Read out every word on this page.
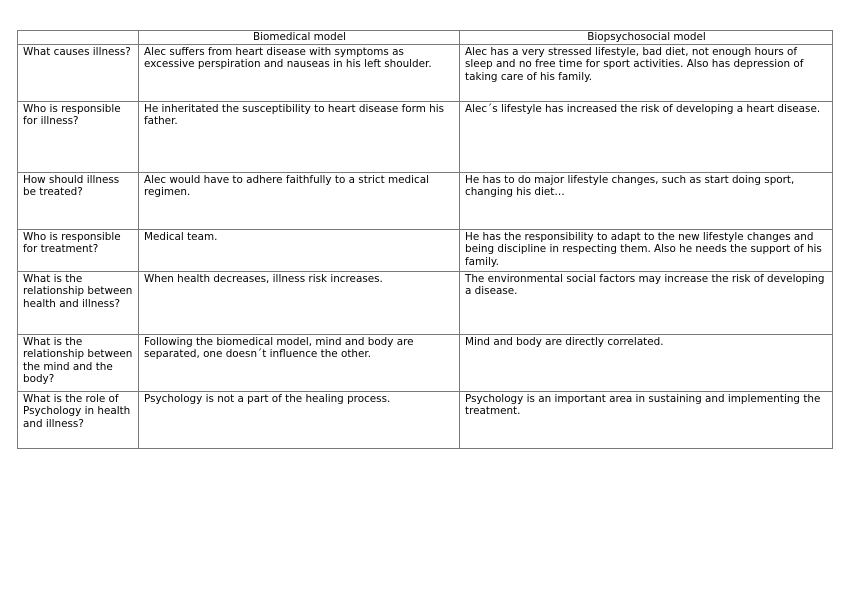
	Biomedical model	Biopsychosocial model
What causes illness?	Alec suffers from heart disease with symptoms as excessive perspiration and nauseas in his left shoulder.	Alec has a very stressed lifestyle, bad diet, not enough hours of sleep and no free time for sport activities. Also has depression of taking care of his family.
Who is responsible for illness?	He inheritated the susceptibility to heart disease form his father.	Alec´s lifestyle has increased the risk of developing a heart disease.
How should illness be treated?	Alec would have to adhere faithfully to a strict medical regimen.	He has to do major lifestyle changes, such as start doing sport, changing his diet…
Who is responsible for treatment?	Medical team.	He has the responsibility to adapt to the new lifestyle changes and being discipline in respecting them. Also he needs the support of his family.
What is the relationship between health and illness?	When health decreases, illness risk increases.	The environmental social factors may increase the risk of developing a disease.
What is the relationship between the mind and the body?	Following the biomedical model, mind and body are separated, one doesn´t influence the other.	Mind and body are directly correlated.
What is the role of Psychology in health and illness?	Psychology is not a part of the healing process.	Psychology is an important area in sustaining and implementing the treatment.
